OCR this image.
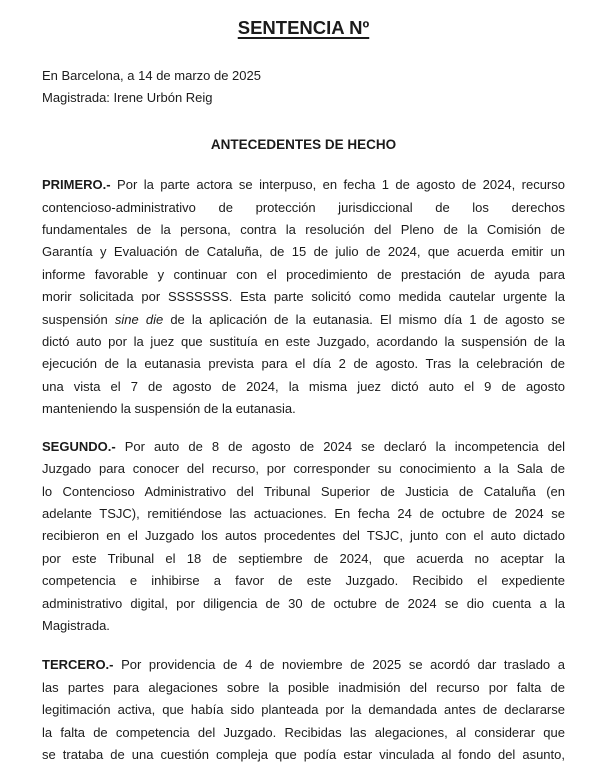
SENTENCIA Nº
En Barcelona, a 14 de marzo de 2025
Magistrada: Irene Urbón Reig
ANTECEDENTES DE HECHO
PRIMERO.- Por la parte actora se interpuso, en fecha 1 de agosto de 2024, recurso
contencioso-administrativo de protección jurisdiccional de los derechos
fundamentales de la persona, contra la resolución del Pleno de la Comisión de
Garantía y Evaluación de Cataluña, de 15 de julio de 2024, que acuerda emitir un
informe favorable y continuar con el procedimiento de prestación de ayuda para
morir solicitada por SSSSSSS. Esta parte solicitó como medida cautelar urgente la
suspensión sine die de la aplicación de la eutanasia. El mismo día 1 de agosto se
dictó auto por la juez que sustituía en este Juzgado, acordando la suspensión de la
ejecución de la eutanasia prevista para el día 2 de agosto. Tras la celebración de
una vista el 7 de agosto de 2024, la misma juez dictó auto el 9 de agosto
manteniendo la suspensión de la eutanasia.
SEGUNDO.- Por auto de 8 de agosto de 2024 se declaró la incompetencia del
Juzgado para conocer del recurso, por corresponder su conocimiento a la Sala de
lo Contencioso Administrativo del Tribunal Superior de Justicia de Cataluña (en
adelante TSJC), remitiéndose las actuaciones. En fecha 24 de octubre de 2024 se
recibieron en el Juzgado los autos procedentes del TSJC, junto con el auto dictado
por este Tribunal el 18 de septiembre de 2024, que acuerda no aceptar la
competencia e inhibirse a favor de este Juzgado. Recibido el expediente
administrativo digital, por diligencia de 30 de octubre de 2024 se dio cuenta a la
Magistrada.
TERCERO.- Por providencia de 4 de noviembre de 2025 se acordó dar traslado a
las partes para alegaciones sobre la posible inadmisión del recurso por falta de
legitimación activa, que había sido planteada por la demandada antes de declararse
la falta de competencia del Juzgado. Recibidas las alegaciones, al considerar que
se trataba de una cuestión compleja que podía estar vinculada al fondo del asunto,
